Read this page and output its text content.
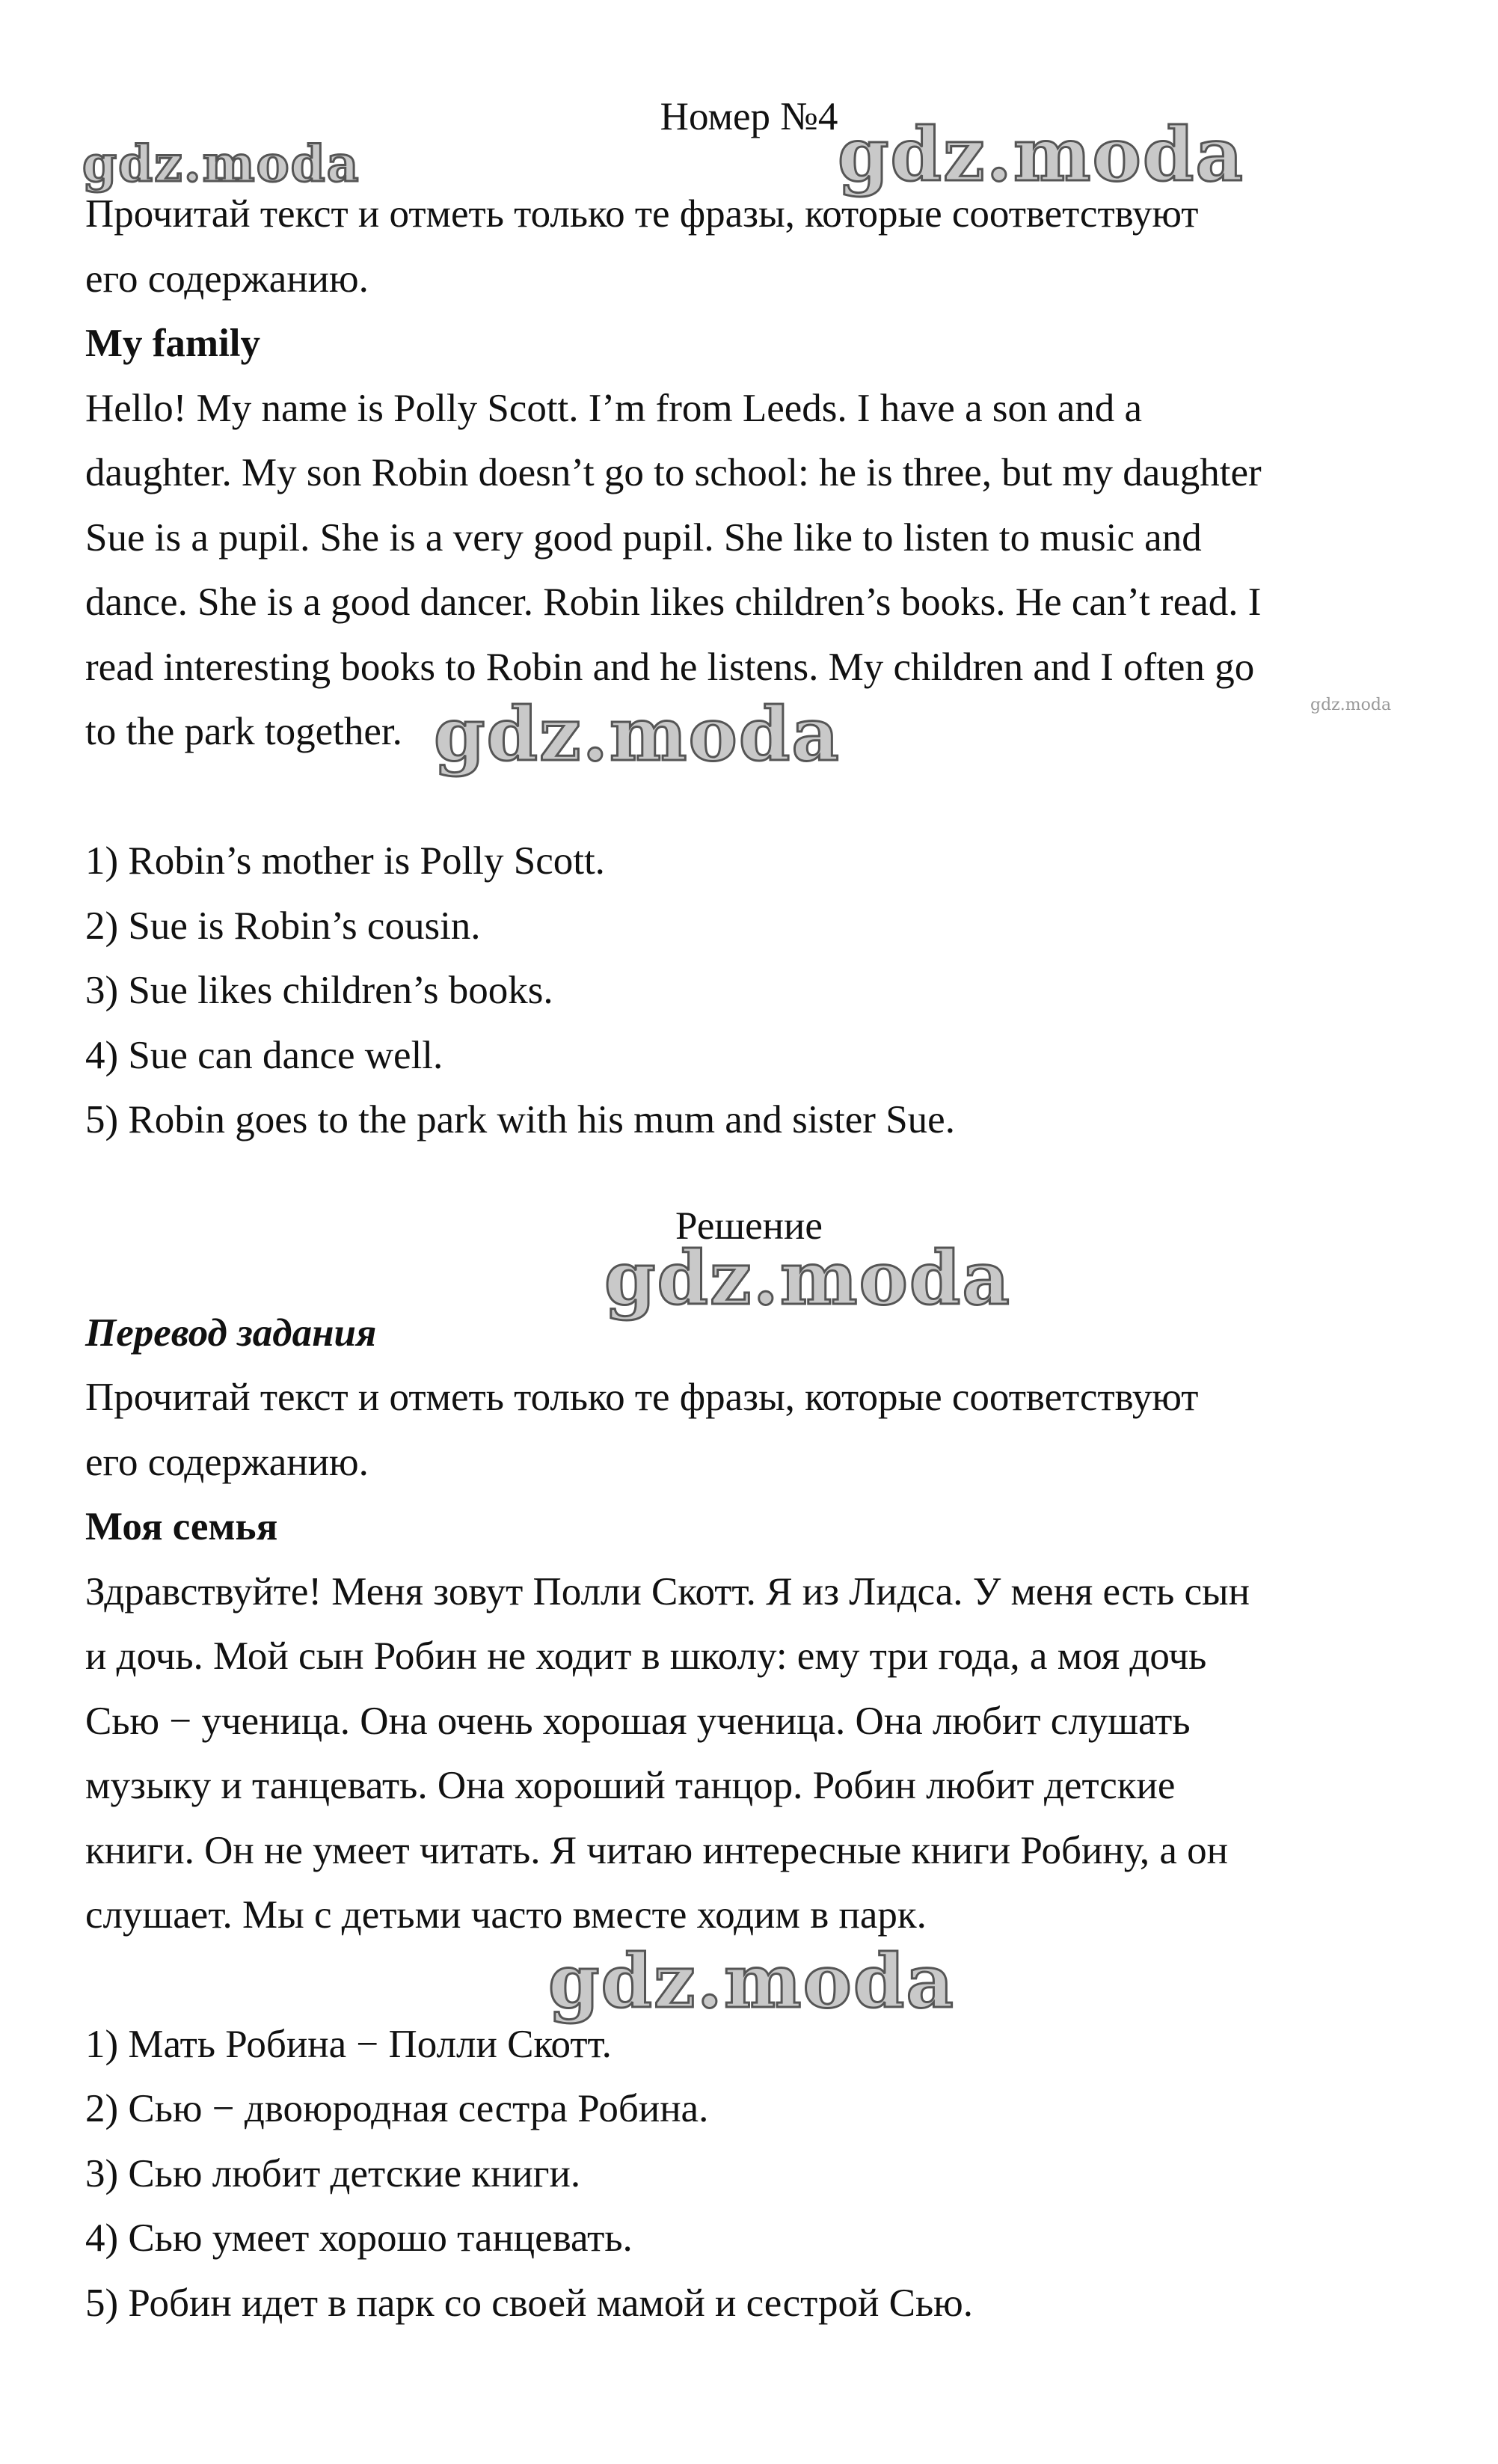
Номер №4
gdz.moda	gdz.moda
gdz.moda	gdz.moda
gdz.moda
gdz.moda
Прочитай текст и отметь только те фразы, которые соответствуют
его содержанию.
My family
Hello! My name is Polly Scott. I’m from Leeds. I have a son and a
daughter. My son Robin doesn’t go to school: he is three, but my daughter
Sue is a pupil. She is a very good pupil. She like to listen to music and
dance. She is a good dancer. Robin likes children’s books. He can’t read. I
read interesting books to Robin and he listens. My children and I often go
to the park together.
1) Robin’s mother is Polly Scott.
2) Sue is Robin’s cousin.
3) Sue likes children’s books.
4) Sue can dance well.
5) Robin goes to the park with his mum and sister Sue.
Решение
Перевод задания
Прочитай текст и отметь только те фразы, которые соответствуют
его содержанию.
Моя семья
Здравствуйте! Меня зовут Полли Скотт. Я из Лидса. У меня есть сын
и дочь. Мой сын Робин не ходит в школу: ему три года, а моя дочь
Сью − ученица. Она очень хорошая ученица. Она любит слушать
музыку и танцевать. Она хороший танцор. Робин любит детские
книги. Он не умеет читать. Я читаю интересные книги Робину, а он
слушает. Мы с детьми часто вместе ходим в парк.
1) Мать Робина − Полли Скотт.
2) Сью − двоюродная сестра Робина.
3) Сью любит детские книги.
4) Сью умеет хорошо танцевать.
5) Робин идет в парк со своей мамой и сестрой Сью.
